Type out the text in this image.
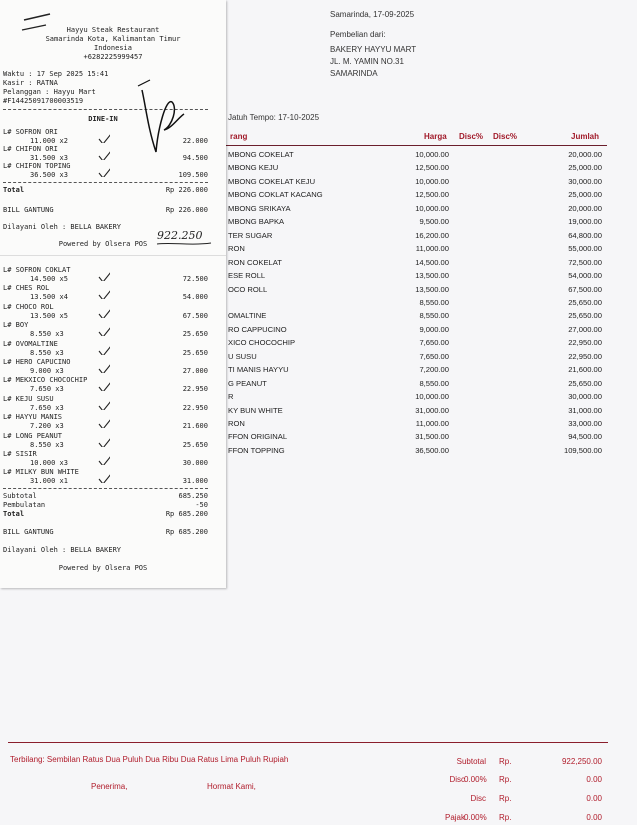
Samarinda, 17-09-2025
Pembelian dari:
BAKERY HAYYU MART
JL. M. YAMIN NO.31
SAMARINDA
Jatuh Tempo: 17-10-2025
rang	Harga Disc% Disc%	Jumlah
MBONG COKELAT	10,000.00	20,000.00
MBONG KEJU	12,500.00	25,000.00
MBONG COKELAT KEJU	10,000.00	30,000.00
MBONG COKLAT KACANG	12,500.00	25,000.00
MBONG SRIKAYA	10,000.00	20,000.00
MBONG BAPKA	9,500.00	19,000.00
TER SUGAR	16,200.00	64,800.00
RON	11,000.00	55,000.00
RON COKELAT	14,500.00	72,500.00
ESE ROLL	13,500.00	54,000.00
OCO ROLL	13,500.00	67,500.00
8,550.00	25,650.00
OMALTINE	8,550.00	25,650.00
RO CAPPUCINO	9,000.00	27,000.00
XICO CHOCOCHIP	7,650.00	22,950.00
U SUSU	7,650.00	22,950.00
TI MANIS HAYYU	7,200.00	21,600.00
G PEANUT	8,550.00	25,650.00
R	10,000.00	30,000.00
KY BUN WHITE	31,000.00	31,000.00
RON	11,000.00	33,000.00
FFON ORIGINAL	31,500.00	94,500.00
FFON TOPPING	36,500.00	109,500.00
Terbilang: Sembilan Ratus Dua Puluh Dua Ribu Dua Ratus Lima Puluh Rupiah
Penerima,	Hormat Kami,
Subtotal Rp.	922,250.00
Disc 0.00% Rp.	0.00
Disc Rp.	0.00
Pajak 0.00% Rp.	0.00
Hayyu Steak Restaurant
Samarinda Kota, Kalimantan Timur
Indonesia
+6282225999457
Waktu : 17 Sep 2025 15:41
Kasir : RATNA
Pelanggan : Hayyu Mart
#F14425091700003519
DINE-IN
L# SOFRON ORI
11.000 x2	22.000
L# CHIFON ORI
31.500 x3	94.500
L# CHIFON TOPING
36.500 x3	109.500
Total	Rp 226.000
BILL GANTUNG	Rp 226.000
Dilayani Oleh : BELLA BAKERY
922.250
Powered by Olsera POS
L# SOFRON COKLAT
14.500 x5	72.500
L# CHES ROL
13.500 x4	54.000
L# CHOCO ROL
13.500 x5	67.500
L# BOY
8.550 x3	25.650
L# OVOMALTINE
8.550 x3	25.650
L# HERO CAPUCINO
9.000 x3	27.000
L# MEKXICO CHOCOCHIP
7.650 x3	22.950
L# KEJU SUSU
7.650 x3	22.950
L# HAYYU MANIS
7.200 x3	21.600
L# LONG PEANUT
8.550 x3	25.650
L# SISIR
10.000 x3	30.000
L# MILKY BUN WHITE
31.000 x1	31.000
Subtotal	685.250
Pembulatan	-50
Total	Rp 685.200
BILL GANTUNG	Rp 685.200
Dilayani Oleh : BELLA BAKERY
Powered by Olsera POS
